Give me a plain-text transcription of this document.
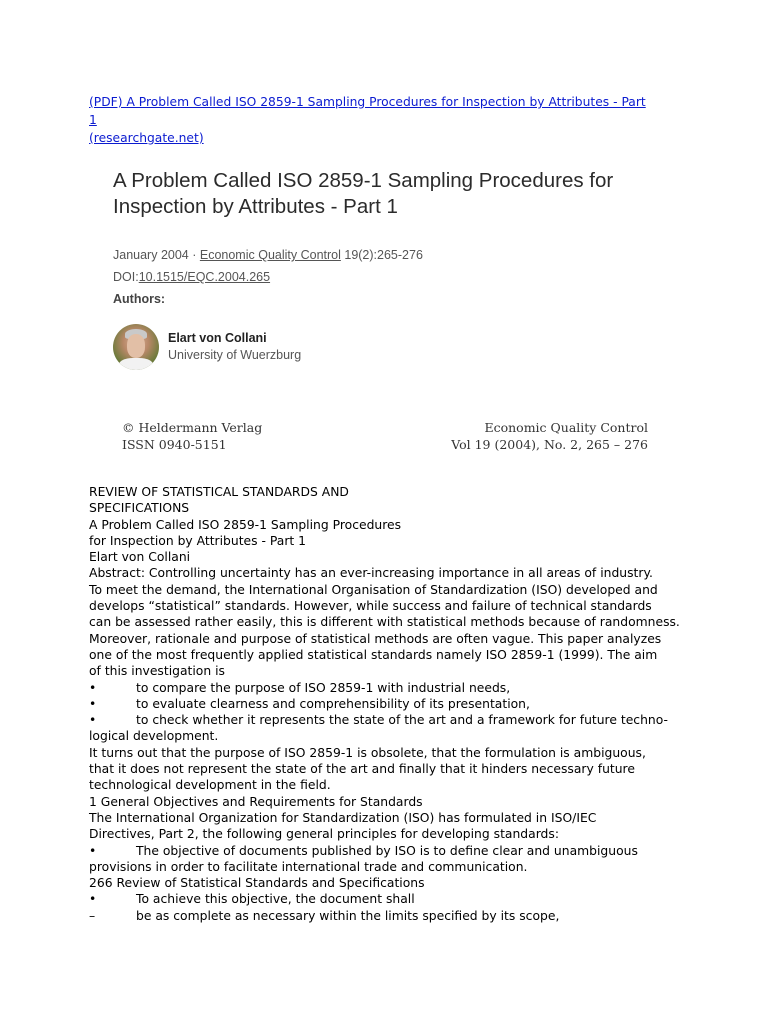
(PDF) A Problem Called ISO 2859-1 Sampling Procedures for Inspection by Attributes - Part 1
(researchgate.net)
A Problem Called ISO 2859-1 Sampling Procedures for
Inspection by Attributes - Part 1
January 2004 · Economic Quality Control 19(2):265-276
DOI:10.1515/EQC.2004.265
Authors:
Elart von Collani
University of Wuerzburg
© Heldermann Verlag
ISSN 0940-5151
Economic Quality Control
Vol 19 (2004), No. 2, 265 – 276

REVIEW OF STATISTICAL STANDARDS AND
SPECIFICATIONS

A Problem Called ISO 2859-1 Sampling Procedures
for Inspection by Attributes - Part 1

Elart von Collani

Abstract: Controlling uncertainty has an ever-increasing importance in all areas of industry.
To meet the demand, the International Organisation of Standardization (ISO) developed and
develops “statistical” standards. However, while success and failure of technical standards
can be assessed rather easily, this is different with statistical methods because of randomness.
Moreover, rationale and purpose of statistical methods are often vague. This paper analyzes
one of the most frequently applied statistical standards namely ISO 2859-1 (1999). The aim
of this investigation is

•	to compare the purpose of ISO 2859-1 with industrial needs,
•	to evaluate clearness and comprehensibility of its presentation,
•	to check whether it represents the state of the art and a framework for future techno-

logical development.

It turns out that the purpose of ISO 2859-1 is obsolete, that the formulation is ambiguous,
that it does not represent the state of the art and finally that it hinders necessary future
technological development in the field.

1 General Objectives and Requirements for Standards

The International Organization for Standardization (ISO) has formulated in ISO/IEC
Directives, Part 2, the following general principles for developing standards:

•	The objective of documents published by ISO is to define clear and unambiguous

provisions in order to facilitate international trade and communication.

266 Review of Statistical Standards and Specifications

•	To achieve this objective, the document shall
–	be as complete as necessary within the limits specified by its scope,
